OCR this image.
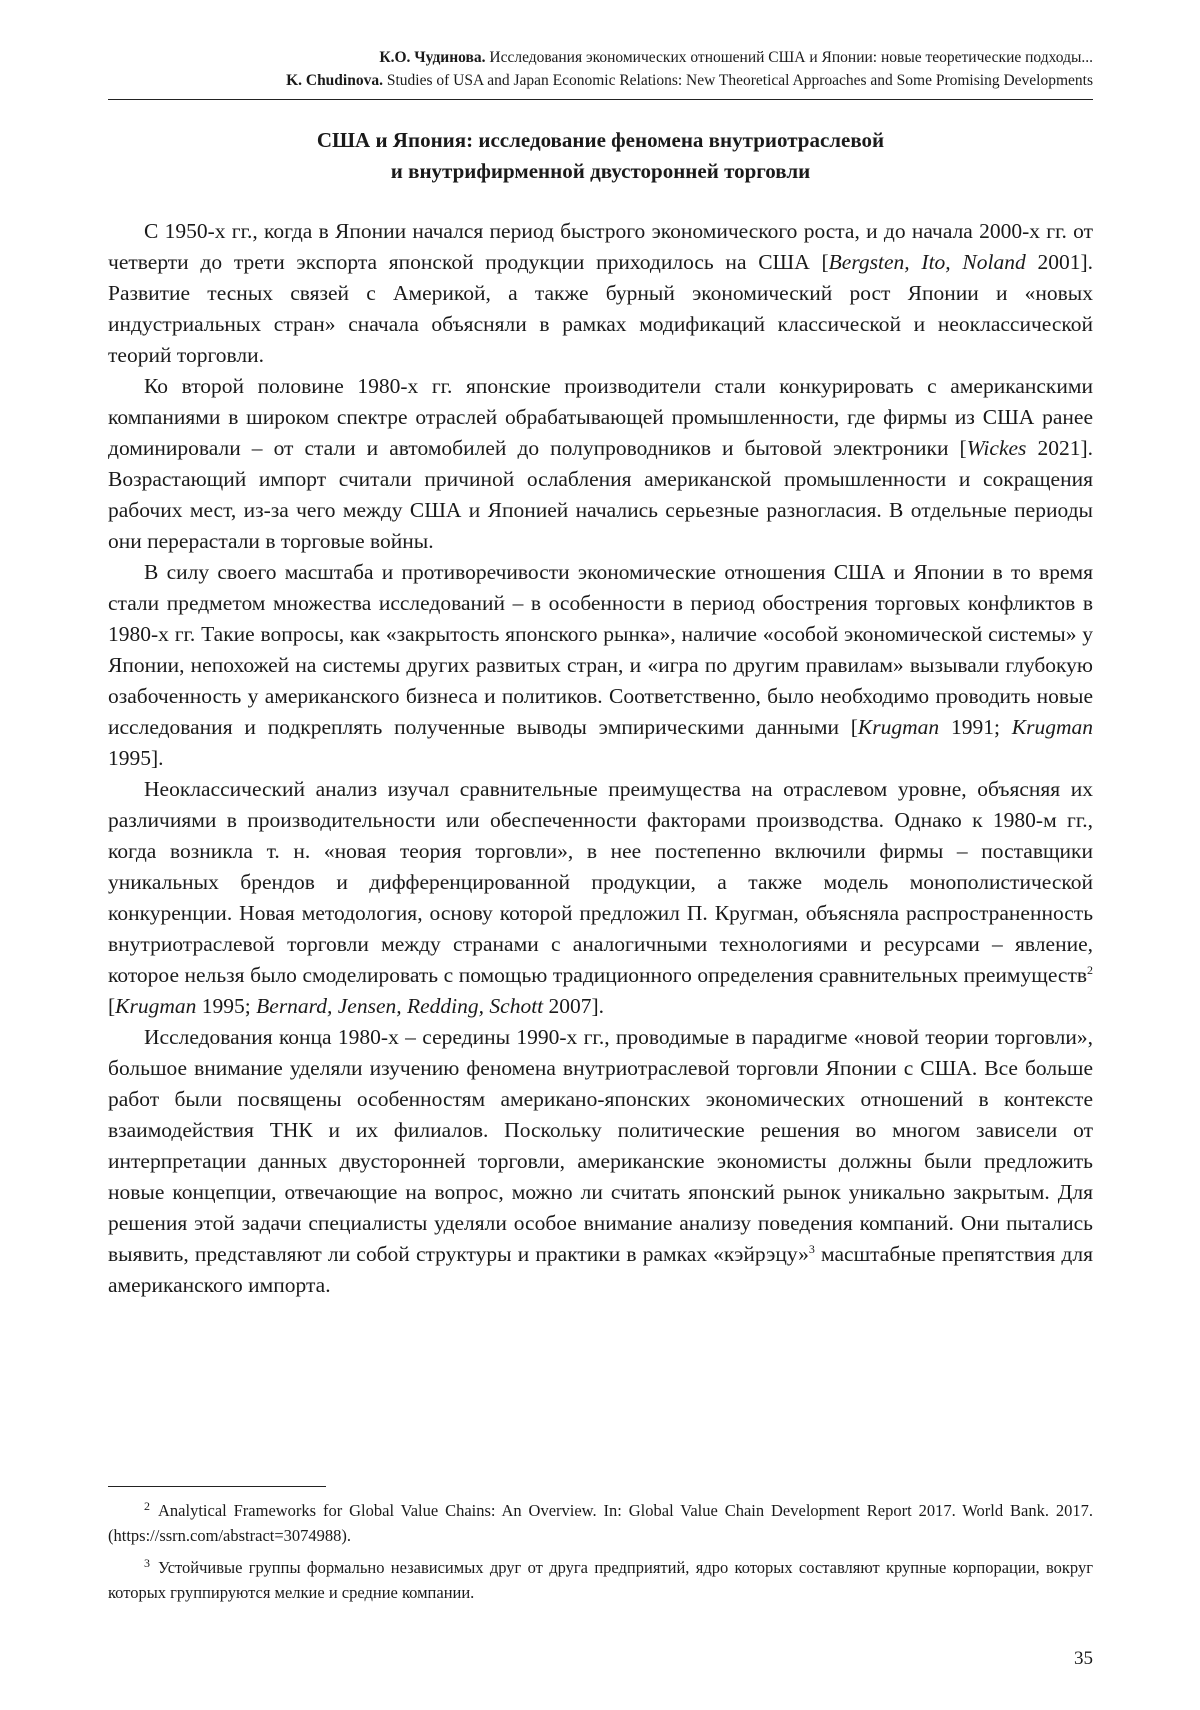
К.О. Чудинова. Исследования экономических отношений США и Японии: новые теоретические подходы...
K. Chudinova. Studies of USA and Japan Economic Relations: New Theoretical Approaches and Some Promising Developments
США и Япония: исследование феномена внутриотраслевой
и внутрифирменной двусторонней торговли

С 1950-х гг., когда в Японии начался период быстрого экономического роста, и до начала 2000-х гг. от четверти до трети экспорта японской продукции приходилось на США [Bergsten, Ito, Noland 2001]. Развитие тесных связей с Америкой, а также бурный экономический рост Японии и «новых индустриальных стран» сначала объясняли в рамках модификаций классической и неоклассической теорий торговли.

Ко второй половине 1980-х гг. японские производители стали конкурировать с американскими компаниями в широком спектре отраслей обрабатывающей промышленности, где фирмы из США ранее доминировали – от стали и автомобилей до полупроводников и бытовой электроники [Wickes 2021]. Возрастающий импорт считали причиной ослабления американской промышленности и сокращения рабочих мест, из-за чего между США и Японией начались серьезные разногласия. В отдельные периоды они перерастали в торговые войны.

В силу своего масштаба и противоречивости экономические отношения США и Японии в то время стали предметом множества исследований – в особенности в период обострения торговых конфликтов в 1980-х гг. Такие вопросы, как «закрытость японского рынка», наличие «особой экономической системы» у Японии, непохожей на системы других развитых стран, и «игра по другим правилам» вызывали глубокую озабоченность у американского бизнеса и политиков. Соответственно, было необходимо проводить новые исследования и подкреплять полученные выводы эмпирическими данными [Krugman 1991; Krugman 1995].

Неоклассический анализ изучал сравнительные преимущества на отраслевом уровне, объясняя их различиями в производительности или обеспеченности факторами производства. Однако к 1980-м гг., когда возникла т. н. «новая теория торговли», в нее постепенно включили фирмы – поставщики уникальных брендов и дифференцированной продукции, а также модель монополистической конкуренции. Новая методология, основу которой предложил П. Кругман, объясняла распространенность внутриотраслевой торговли между странами с аналогичными технологиями и ресурсами – явление, которое нельзя было смоделировать с помощью традиционного определения сравнительных преимуществ$^2$ [Krugman 1995; Bernard, Jensen, Redding, Schott 2007].

Исследования конца 1980-х – середины 1990-х гг., проводимые в парадигме «новой теории торговли», большое внимание уделяли изучению феномена внутриотраслевой торговли Японии с США. Все больше работ были посвящены особенностям американо-японских экономических отношений в контексте взаимодействия ТНК и их филиалов. Поскольку политические решения во многом зависели от интерпретации данных двусторонней торговли, американские экономисты должны были предложить новые концепции, отвечающие на вопрос, можно ли считать японский рынок уникально закрытым. Для решения этой задачи специалисты уделяли особое внимание анализу поведения компаний. Они пытались выявить, представляют ли собой структуры и практики в рамках «кэйрэцу»$^3$ масштабные препятствия для американского импорта.

$^2$ Analytical Frameworks for Global Value Chains: An Overview. In: Global Value Chain Development Report 2017. World Bank. 2017. (https://ssrn.com/abstract=3074988).

$^3$ Устойчивые группы формально независимых друг от друга предприятий, ядро которых составляют крупные корпорации, вокруг которых группируются мелкие и средние компании.

35
